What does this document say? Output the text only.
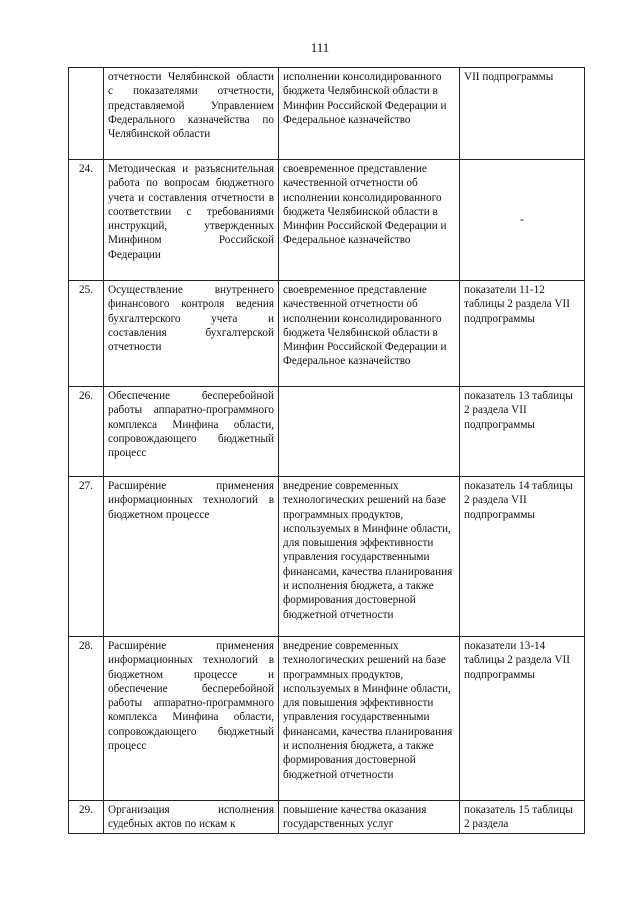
111
	отчетности Челябинской области с показателями отчетности, представляемой Управлением Федерального казначейства по Челябинской области	исполнении консолидированного бюджета Челябинской области в Минфин Российской Федерации и Федеральное казначейство	VII подпрограммы
24.	Методическая и разъяснительная работа по вопросам бюджетного учета и составления отчетности в соответствии с требованиями инструкций, утвержденных Минфином Российской Федерации	своевременное представление качественной отчетности об исполнении консолидированного бюджета Челябинской области в Минфин Российской Федерации и Федеральное казначейство	-
25.	Осуществление внутреннего финансового контроля ведения бухгалтерского учета и составления бухгалтерской отчетности	своевременное представление качественной отчетности об исполнении консолидированного бюджета Челябинской области в Минфин Российской Федерации и Федеральное казначейство	показатели 11-12 таблицы 2 раздела VII подпрограммы
26.	Обеспечение бесперебойной работы аппаратно-программного комплекса Минфина области, сопровождающего бюджетный процесс		показатель 13 таблицы 2 раздела VII подпрограммы
27.	Расширение применения информационных технологий в бюджетном процессе	внедрение современных технологических решений на базе программных продуктов, используемых в Минфине области, для повышения эффективности управления государственными финансами, качества планирования и исполнения бюджета, а также формирования достоверной бюджетной отчетности	показатель 14 таблицы 2 раздела VII подпрограммы
28.	Расширение применения информационных технологий в бюджетном процессе и обеспечение бесперебойной работы аппаратно-программного комплекса Минфина области, сопровождающего бюджетный процесс	внедрение современных технологических решений на базе программных продуктов, используемых в Минфине области, для повышения эффективности управления государственными финансами, качества планирования и исполнения бюджета, а также формирования достоверной бюджетной отчетности	показатели 13-14 таблицы 2 раздела VII подпрограммы
29.	Организация исполнения судебных актов по искам к	повышение качества оказания государственных услуг	показатель 15 таблицы 2 раздела
